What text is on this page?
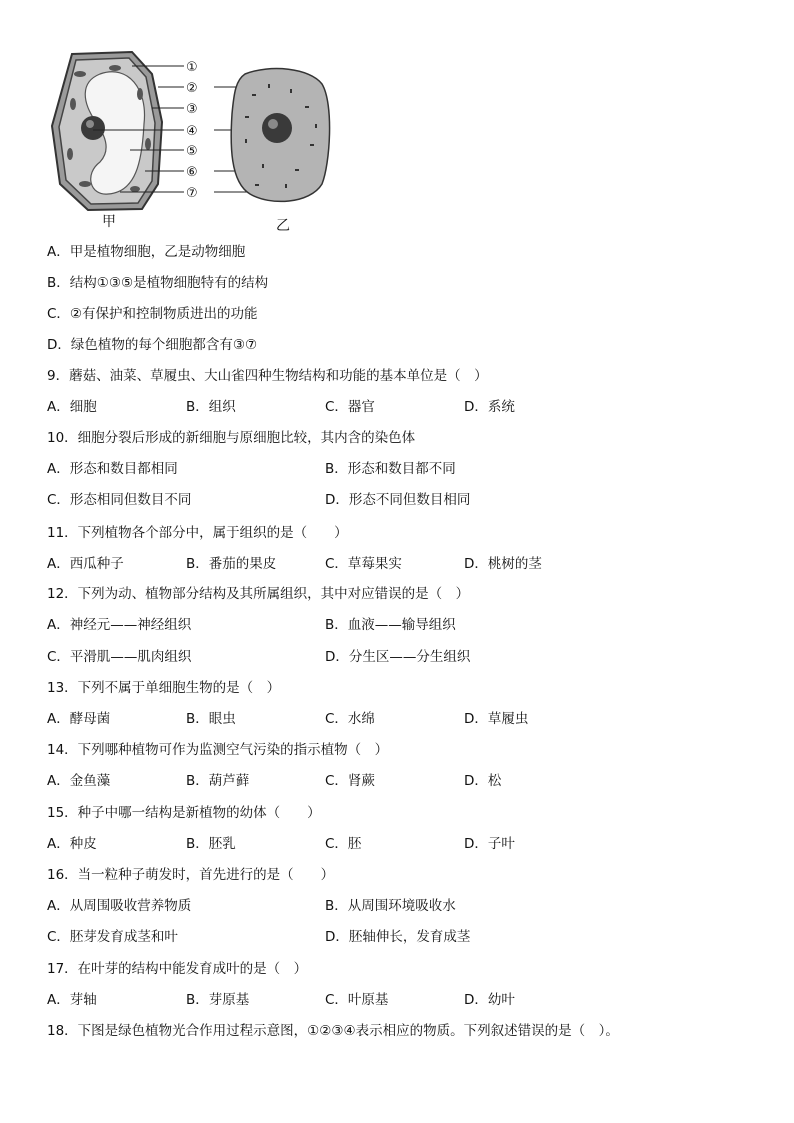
①
②
③
④
⑤
⑥
⑦
甲	乙
A．甲是植物细胞，乙是动物细胞
B．结构①③⑤是植物细胞特有的结构
C．②有保护和控制物质进出的功能
D．绿色植物的每个细胞都含有③⑦
9．蘑菇、油菜、草履虫、大山雀四种生物结构和功能的基本单位是（　）
A．细胞	B．组织	C．器官	D．系统
10．细胞分裂后形成的新细胞与原细胞比较，其内含的染色体
A．形态和数目都相同	B．形态和数目都不同
C．形态相同但数目不同	D．形态不同但数目相同
11．下列植物各个部分中，属于组织的是（　　）
A．西瓜种子	B．番茄的果皮	C．草莓果实	D．桃树的茎
12．下列为动、植物部分结构及其所属组织，其中对应错误的是（　）
A．神经元——神经组织	B．血液——输导组织
C．平滑肌——肌肉组织	D．分生区——分生组织
13．下列不属于单细胞生物的是（　）
A．酵母菌	B．眼虫	C．水绵	D．草履虫
14．下列哪种植物可作为监测空气污染的指示植物（　）
A．金鱼藻	B．葫芦藓	C．肾蕨	D．松
15．种子中哪一结构是新植物的幼体（　　）
A．种皮	B．胚乳	C．胚	D．子叶
16．当一粒种子萌发时，首先进行的是（　　）
A．从周围吸收营养物质	B．从周围环境吸收水
C．胚芽发育成茎和叶	D．胚轴伸长，发育成茎
17．在叶芽的结构中能发育成叶的是（　）
A．芽轴	B．芽原基	C．叶原基	D．幼叶
18．下图是绿色植物光合作用过程示意图，①②③④表示相应的物质。下列叙述错误的是（　）。
